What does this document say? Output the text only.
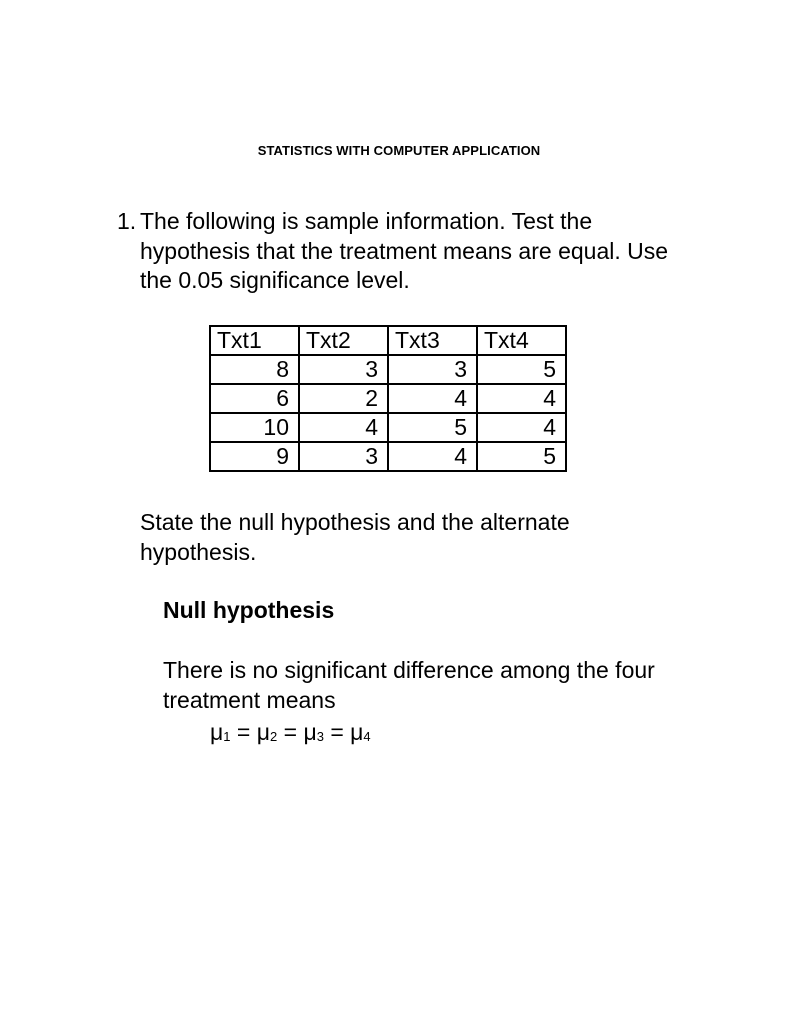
STATISTICS WITH COMPUTER APPLICATION
1. The following is sample information. Test the hypothesis that the treatment means are equal. Use the 0.05 significance level.
Txt1	Txt2	Txt3	Txt4
8	3	3	5
6	2	4	4
10	4	5	4
9	3	4	5
State the null hypothesis and the alternate hypothesis.
Null hypothesis
There is no significant difference among the four treatment means
$\mu_1 = \mu_2 = \mu_3 = \mu_4$
